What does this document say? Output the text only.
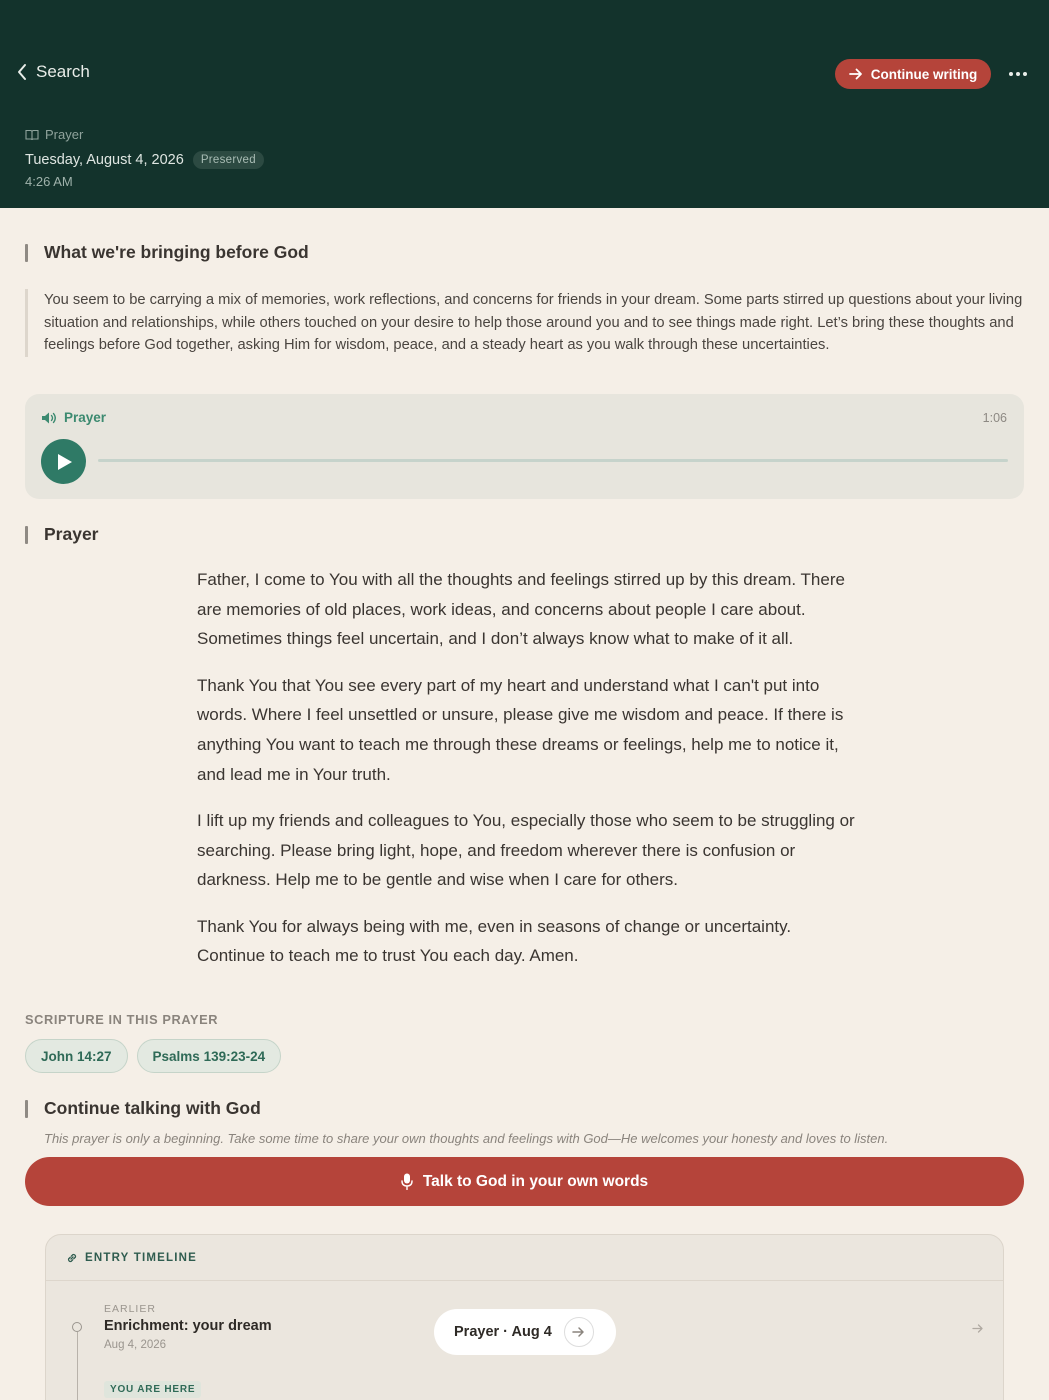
Search	Continue writing
Prayer
Tuesday, August 4, 2026	Preserved
4:26 AM
What we're bringing before God
You seem to be carrying a mix of memories, work reflections, and concerns for friends in your dream. Some parts stirred up questions about your living situation and relationships, while others touched on your desire to help those around you and to see things made right. Let’s bring these thoughts and feelings before God together, asking Him for wisdom, peace, and a steady heart as you walk through these uncertainties.
Prayer	1:06
Prayer

Father, I come to You with all the thoughts and feelings stirred up by this dream. There are memories of old places, work ideas, and concerns about people I care about. Sometimes things feel uncertain, and I don’t always know what to make of it all.

Thank You that You see every part of my heart and understand what I can't put into words. Where I feel unsettled or unsure, please give me wisdom and peace. If there is anything You want to teach me through these dreams or feelings, help me to notice it, and lead me in Your truth.

I lift up my friends and colleagues to You, especially those who seem to be struggling or searching. Please bring light, hope, and freedom wherever there is confusion or darkness. Help me to be gentle and wise when I care for others.

Thank You for always being with me, even in seasons of change or uncertainty. Continue to teach me to trust You each day. Amen.

SCRIPTURE IN THIS PRAYER
John 14:27	Psalms 139:23-24
Continue talking with God
This prayer is only a beginning. Take some time to share your own thoughts and feelings with God—He welcomes your honesty and loves to listen.
Talk to God in your own words
ENTRY TIMELINE
EARLIER
Enrichment: your dream
Aug 4, 2026
YOU ARE HERE
Prayer · Aug 4
